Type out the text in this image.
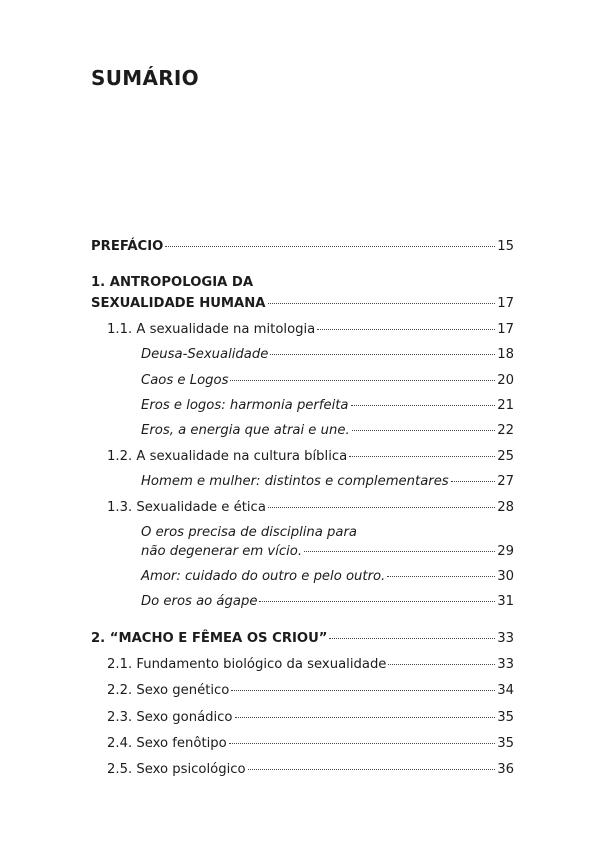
SUMÁRIO
PREFÁCIO	15
1. ANTROPOLOGIA DA
SEXUALIDADE HUMANA	17
1.1. A sexualidade na mitologia	17
Deusa-Sexualidade	18
Caos e Logos	20
Eros e logos: harmonia perfeita	21
Eros, a energia que atrai e une.	22
1.2. A sexualidade na cultura bíblica	25
Homem e mulher: distintos e complementares	27
1.3. Sexualidade e ética	28
O eros precisa de disciplina para
não degenerar em vício.	29
Amor: cuidado do outro e pelo outro.	30
Do eros ao ágape	31
2. “MACHO E FÊMEA OS CRIOU”	33
2.1. Fundamento biológico da sexualidade	33
2.2. Sexo genético	34
2.3. Sexo gonádico	35
2.4. Sexo fenôtipo	35
2.5. Sexo psicológico	36
